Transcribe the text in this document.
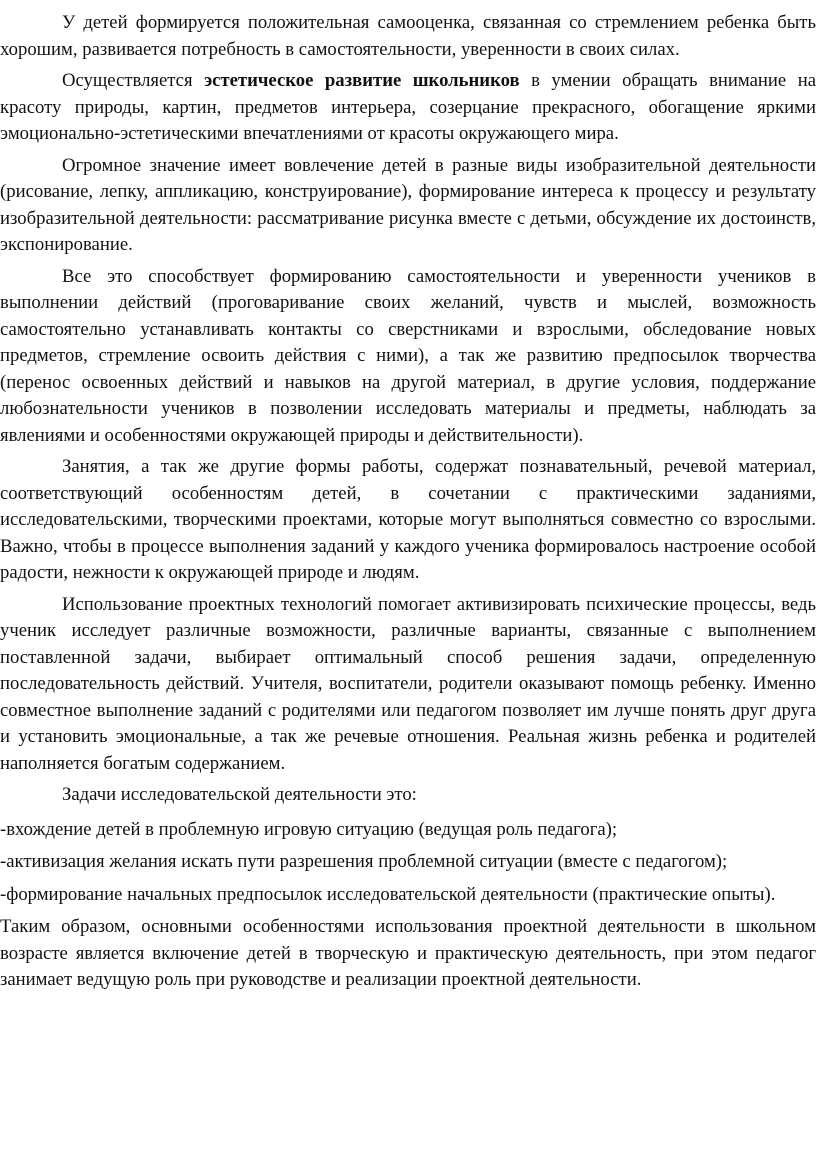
У детей формируется положительная самооценка, связанная со стремлением ребенка быть хорошим, развивается потребность в самостоятельности, уверенности в своих силах.

Осуществляется эстетическое развитие школьников в умении обращать внимание на красоту природы, картин, предметов интерьера, созерцание прекрасного, обогащение яркими эмоционально-эстетическими впечатлениями от красоты окружающего мира.

Огромное значение имеет вовлечение детей в разные виды изобразительной деятельности (рисование, лепку, аппликацию, конструирование), формирование интереса к процессу и результату изобразительной деятельности: рассматривание рисунка вместе с детьми, обсуждение их достоинств, экспонирование.

Все это способствует формированию самостоятельности и уверенности учеников в выполнении действий (проговаривание своих желаний, чувств и мыслей, возможность самостоятельно устанавливать контакты со сверстниками и взрослыми, обследование новых предметов, стремление освоить действия с ними), а так же развитию предпосылок творчества (перенос освоенных действий и навыков на другой материал, в другие условия, поддержание любознательности учеников в позволении исследовать материалы и предметы, наблюдать за явлениями и особенностями окружающей природы и действительности).

Занятия, а так же другие формы работы, содержат познавательный, речевой материал, соответствующий особенностям детей, в сочетании с практическими заданиями, исследовательскими, творческими проектами, которые могут выполняться совместно со взрослыми. Важно, чтобы в процессе выполнения заданий у каждого ученика формировалось настроение особой радости, нежности к окружающей природе и людям.

Использование проектных технологий помогает активизировать психические процессы, ведь ученик исследует различные возможности, различные варианты, связанные с выполнением поставленной задачи, выбирает оптимальный способ решения задачи, определенную последовательность действий. Учителя, воспитатели, родители оказывают помощь ребенку. Именно совместное выполнение заданий с родителями или педагогом позволяет им лучше понять друг друга и установить эмоциональные, а так же речевые отношения. Реальная жизнь ребенка и родителей наполняется богатым содержанием.

Задачи исследовательской деятельности это:

-вхождение детей в проблемную игровую ситуацию (ведущая роль педагога);

-активизация желания искать пути разрешения проблемной ситуации (вместе с педагогом);

-формирование начальных предпосылок исследовательской деятельности (практические опыты).

Таким образом, основными особенностями использования проектной деятельности в школьном возрасте является включение детей в творческую и практическую деятельность, при этом педагог занимает ведущую роль при руководстве и реализации проектной деятельности.
